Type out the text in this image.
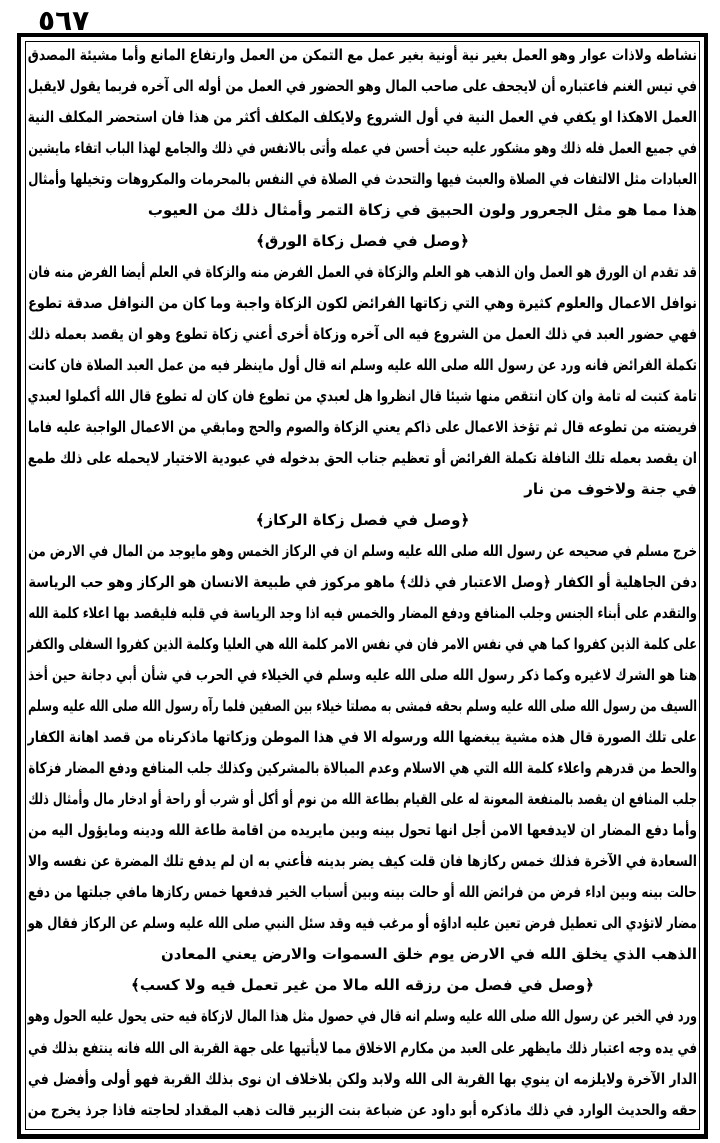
٥٦٧
نشاطه ولاذات عوار وهو العمل بغير نية أونية بغير عمل مع التمكن من العمل وارتفاع المانع وأما مشيئة المصدق
في تيس الغنم فاعتباره أن لايجحف على صاحب المال وهو الحضور في العمل من أوله الى آخره فربما يقول لايقبل
العمل الاهكذا او يكفي في العمل النية في أول الشروع ولايكلف المكلف أكثر من هذا فان استحضر المكلف النية
في جميع العمل فله ذلك وهو مشكور عليه حيث أحسن في عمله وأتى بالانفس في ذلك والجامع لهذا الباب اتقاء مايشين
العبادات مثل الالتفات في الصلاة والعبث فيها والتحدث في الصلاة في النفس بالمحرمات والمكروهات وتخيلها وأمثال
هذا مما هو مثل الجعرور ولون الحبيق في زكاة التمر وأمثال ذلك من العيوب
﴿وصل في فصل زكاة الورق﴾
قد تقدم ان الورق هو العمل وان الذهب هو العلم والزكاة في العمل الفرض منه والزكاة في العلم أيضا الفرض منه فان
نوافل الاعمال والعلوم كثيرة وهي التي زكاتها الفرائض لكون الزكاة واجبة وما كان من النوافل صدقة تطوع
فهي حضور العبد في ذلك العمل من الشروع فيه الى آخره وزكاة أخرى أعني زكاة تطوع وهو ان يقصد بعمله ذلك
تكملة الفرائض فانه ورد عن رسول الله صلى الله عليه وسلم انه قال أول ماينظر فيه من عمل العبد الصلاة فان كانت
تامة كتبت له تامة وان كان انتقص منها شيئا قال انظروا هل لعبدي من تطوع فان كان له تطوع قال الله أكملوا لعبدي
فريضته من تطوعه قال ثم تؤخذ الاعمال على ذاكم يعني الزكاة والصوم والحج ومابقي من الاعمال الواجبة عليه فاما
ان يقصد بعمله تلك النافلة تكملة الفرائض أو تعظيم جناب الحق بدخوله في عبودية الاختيار لايحمله على ذلك طمع
في جنة ولاخوف من نار
﴿وصل في فصل زكاة الركاز﴾
خرج مسلم في صحيحه عن رسول الله صلى الله عليه وسلم ان في الركاز الخمس وهو مايوجد من المال في الارض من
دفن الجاهلية أو الكفار ﴿وصل الاعتبار في ذلك﴾ ماهو مركوز في طبيعة الانسان هو الركاز وهو حب الرياسة
والتقدم على أبناء الجنس وجلب المنافع ودفع المضار والخمس فيه اذا وجد الرياسة في قلبه فليقصد بها اعلاء كلمة الله
على كلمة الذين كفروا كما هي في نفس الامر فان في نفس الامر كلمة الله هي العليا وكلمة الذين كفروا السفلى والكفر
هنا هو الشرك لاغيره وكما ذكر رسول الله صلى الله عليه وسلم في الخيلاء في الحرب في شأن أبي دجانة حين أخذ
السيف من رسول الله صلى الله عليه وسلم بحقه فمشى به مصلتا خيلاء بين الصفين فلما رآه رسول الله صلى الله عليه وسلم
على تلك الصورة قال هذه مشية يبغضها الله ورسوله الا في هذا الموطن وزكاتها ماذكرناه من قصد اهانة الكفار
والحط من قدرهم واعلاء كلمة الله التي هي الاسلام وعدم المبالاة بالمشركين وكذلك جلب المنافع ودفع المضار فزكاة
جلب المنافع ان يقصد بالمنفعة المعونة له على القيام بطاعة الله من نوم أو أكل أو شرب أو راحة أو ادخار مال وأمثال ذلك
وأما دفع المضار ان لايدفعها الامن أجل انها تحول بينه وبين مايريده من اقامة طاعة الله ودينه ومايؤول اليه من
السعادة في الآخرة فذلك خمس ركازها فان قلت كيف يضر بدينه فأعني به ان لم يدفع تلك المضرة عن نفسه والا
حالت بينه وبين اداء فرض من فرائض الله أو حالت بينه وبين أسباب الخير فدفعها خمس ركازها مافي جبلتها من دفع
مضار لاتؤدي الى تعطيل فرض تعين عليه اداؤه أو مرغب فيه وقد سئل النبي صلى الله عليه وسلم عن الركاز فقال هو
الذهب الذي يخلق الله في الارض يوم خلق السموات والارض يعني المعادن
﴿وصل في فصل من رزقه الله مالا من غير تعمل فيه ولا كسب﴾
ورد في الخبر عن رسول الله صلى الله عليه وسلم انه قال في حصول مثل هذا المال لازكاة فيه حتى يحول عليه الحول وهو
في يده وجه اعتبار ذلك مايظهر على العبد من مكارم الاخلاق مما لايأتيها على جهة القربة الى الله فانه ينتفع بذلك في
الدار الآخرة ولايلزمه ان ينوي بها القربة الى الله ولابد ولكن بلاخلاف ان نوى بذلك القربة فهو أولى وأفضل في
حقه والحديث الوارد في ذلك ماذكره أبو داود عن ضباعة بنت الزبير قالت ذهب المقداد لحاجته فاذا جرذ يخرج من
